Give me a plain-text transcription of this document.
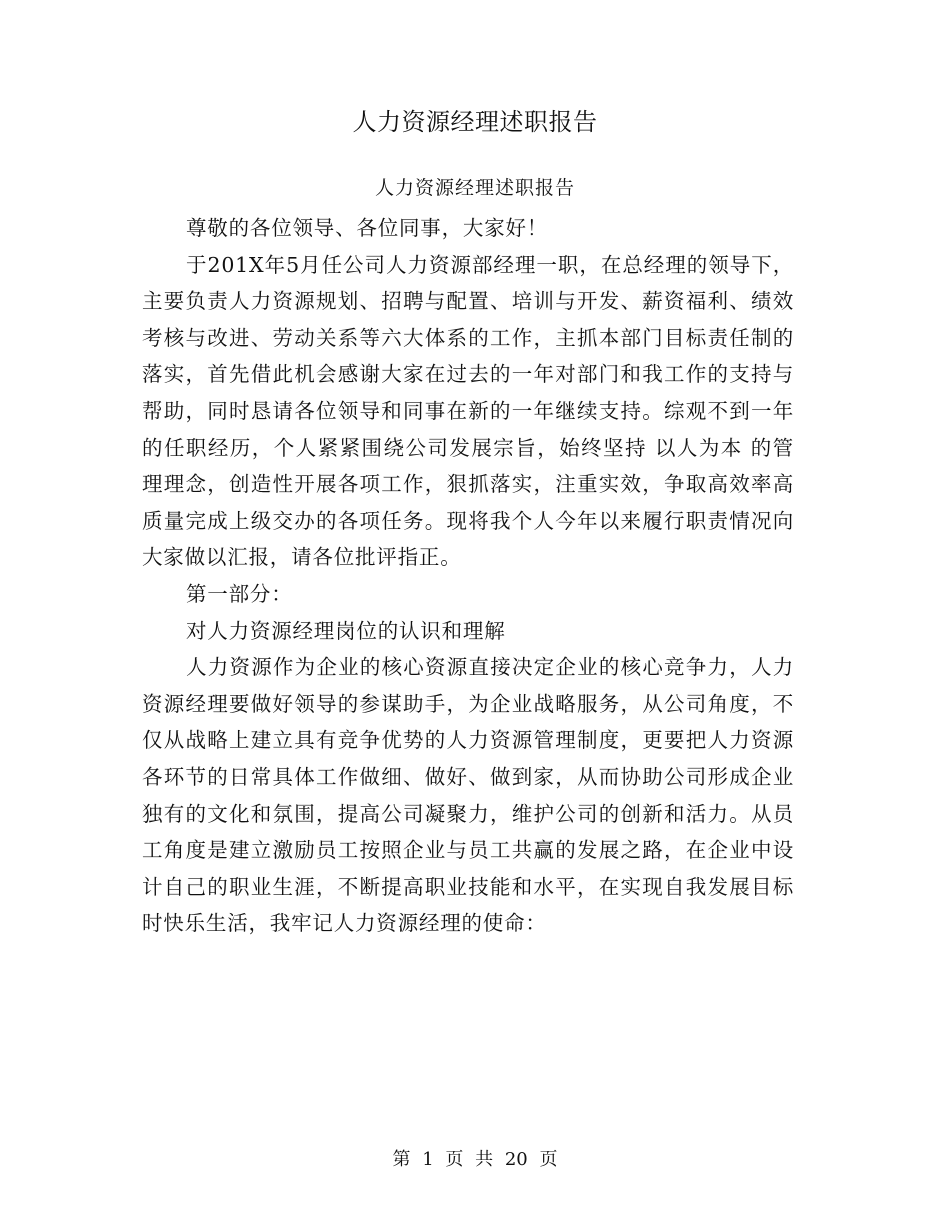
人力资源经理述职报告
人力资源经理述职报告

尊敬的各位领导、各位同事，大家好！

于201X年5月任公司人力资源部经理一职，在总经理的领导下，主要负责人力资源规划、招聘与配置、培训与开发、薪资福利、绩效考核与改进、劳动关系等六大体系的工作，主抓本部门目标责任制的落实，首先借此机会感谢大家在过去的一年对部门和我工作的支持与帮助，同时恳请各位领导和同事在新的一年继续支持。综观不到一年的任职经历，个人紧紧围绕公司发展宗旨，始终坚持 以人为本 的管理理念，创造性开展各项工作，狠抓落实，注重实效，争取高效率高质量完成上级交办的各项任务。现将我个人今年以来履行职责情况向大家做以汇报，请各位批评指正。

第一部分：

对人力资源经理岗位的认识和理解

人力资源作为企业的核心资源直接决定企业的核心竞争力，人力资源经理要做好领导的参谋助手，为企业战略服务，从公司角度，不仅从战略上建立具有竞争优势的人力资源管理制度，更要把人力资源各环节的日常具体工作做细、做好、做到家，从而协助公司形成企业独有的文化和氛围，提高公司凝聚力，维护公司的创新和活力。从员工角度是建立激励员工按照企业与员工共赢的发展之路，在企业中设计自己的职业生涯，不断提高职业技能和水平，在实现自我发展目标时快乐生活，我牢记人力资源经理的使命：

第 1 页 共 20 页
